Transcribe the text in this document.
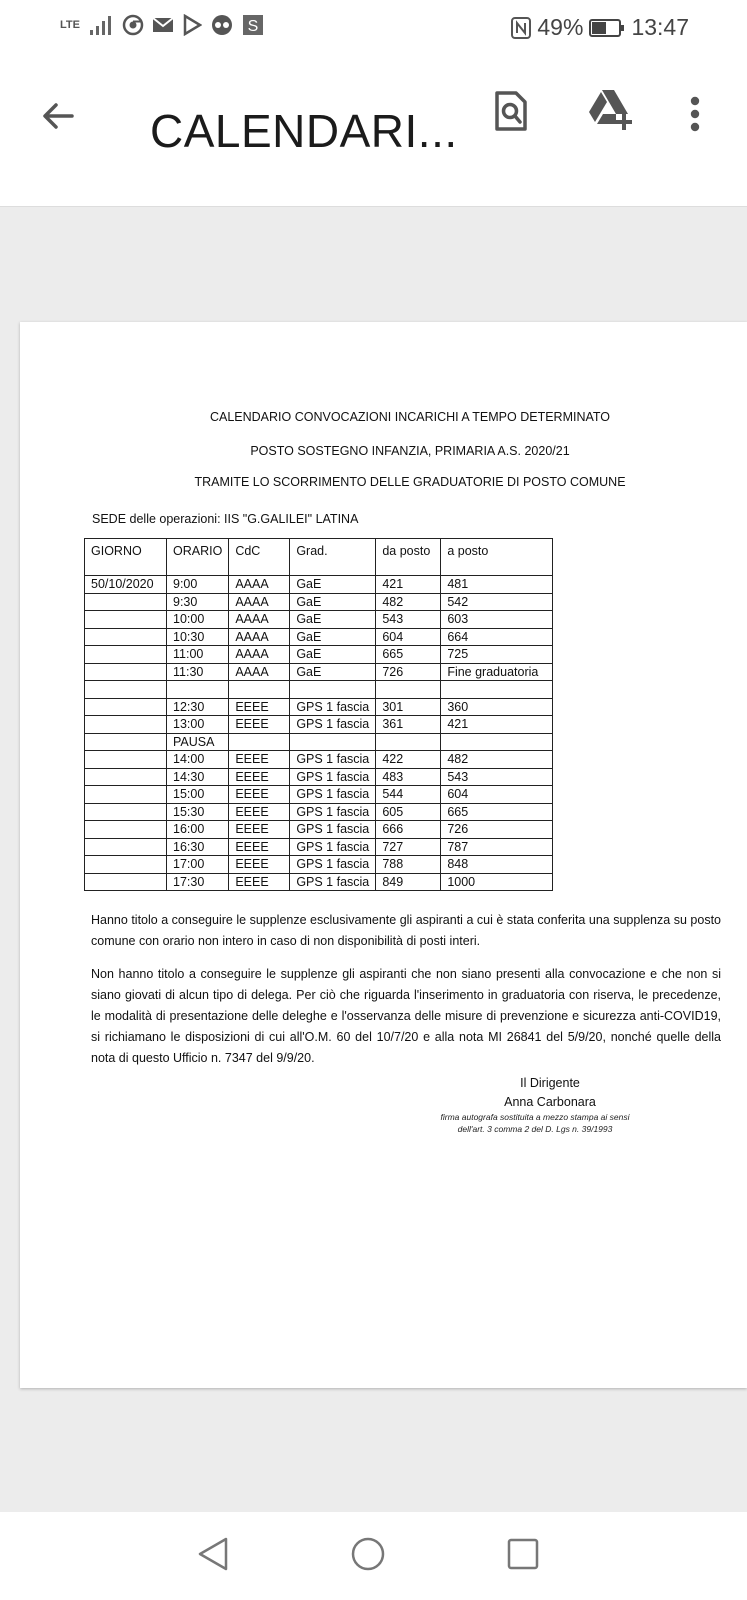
LTE	S	49% 13:47
CALENDARI...
CALENDARIO CONVOCAZIONI INCARICHI A TEMPO DETERMINATO
POSTO SOSTEGNO INFANZIA, PRIMARIA A.S. 2020/21
TRAMITE LO SCORRIMENTO DELLE GRADUATORIE DI POSTO COMUNE
SEDE delle operazioni: IIS "G.GALILEI" LATINA
GIORNO	ORARIO	CdC	Grad.	da posto	a posto
50/10/2020	9:00	AAAA	GaE	421	481
	9:30	AAAA	GaE	482	542
	10:00	AAAA	GaE	543	603
	10:30	AAAA	GaE	604	664
	11:00	AAAA	GaE	665	725
	11:30	AAAA	GaE	726	Fine graduatoria

	12:30	EEEE	GPS 1 fascia	301	360
	13:00	EEEE	GPS 1 fascia	361	421
	PAUSA				
	14:00	EEEE	GPS 1 fascia	422	482
	14:30	EEEE	GPS 1 fascia	483	543
	15:00	EEEE	GPS 1 fascia	544	604
	15:30	EEEE	GPS 1 fascia	605	665
	16:00	EEEE	GPS 1 fascia	666	726
	16:30	EEEE	GPS 1 fascia	727	787
	17:00	EEEE	GPS 1 fascia	788	848
	17:30	EEEE	GPS 1 fascia	849	1000
Hanno titolo a conseguire le supplenze esclusivamente gli aspiranti a cui è stata conferita una supplenza su posto comune con orario non intero in caso di non disponibilità di posti interi.
Non hanno titolo a conseguire le supplenze gli aspiranti che non siano presenti alla convocazione e che non si siano giovati di alcun tipo di delega. Per ciò che riguarda l'inserimento in graduatoria con riserva, le precedenze, le modalità di presentazione delle deleghe e l'osservanza delle misure di prevenzione e sicurezza anti-COVID19, si richiamano le disposizioni di cui all'O.M. 60 del 10/7/20 e alla nota MI 26841 del 5/9/20, nonché quelle della nota di questo Ufficio n. 7347 del 9/9/20.
Il Dirigente
Anna Carbonara
firma autografa sostituita a mezzo stampa ai sensi
dell'art. 3 comma 2 del D. Lgs n. 39/1993
